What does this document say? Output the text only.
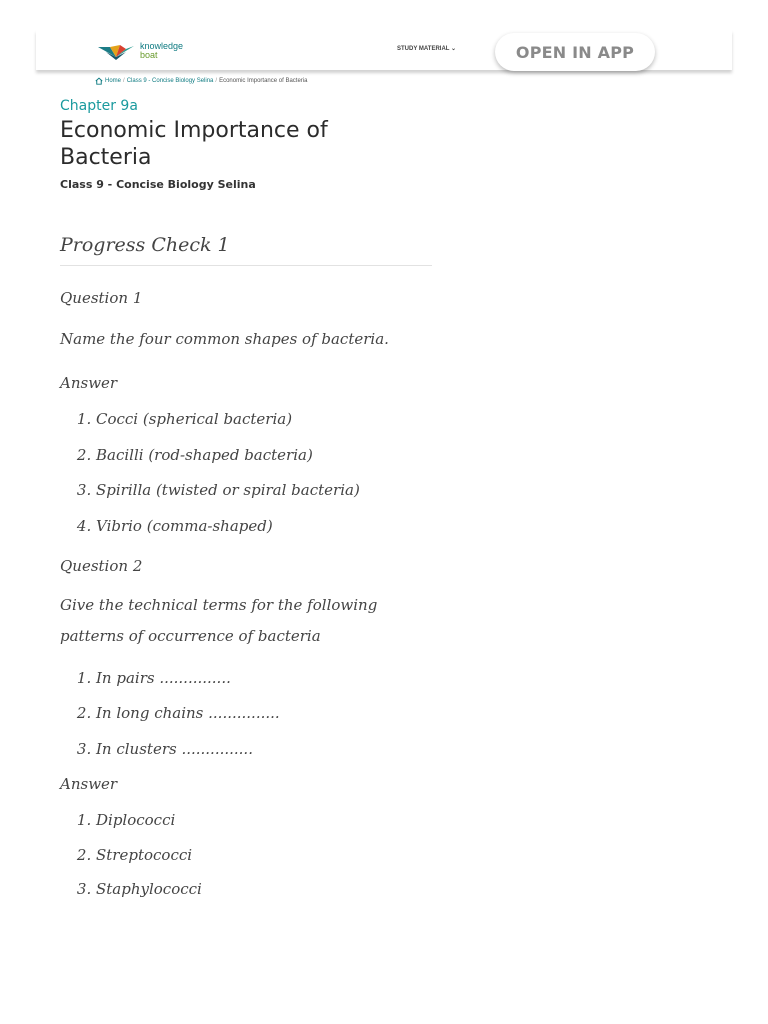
knowledge
boat
STUDY MATERIAL ⌄	OPEN IN APP
Home / Class 9 - Concise Biology Selina / Economic Importance of Bacteria
Chapter 9a
Economic Importance of Bacteria
Class 9 - Concise Biology Selina
Progress Check 1

Question 1

Name the four common shapes of bacteria.

Answer

1. Cocci (spherical bacteria)
2. Bacilli (rod-shaped bacteria)
3. Spirilla (twisted or spiral bacteria)
4. Vibrio (comma-shaped)

Question 2

Give the technical terms for the following patterns of occurrence of bacteria

1. In pairs ...............
2. In long chains ...............
3. In clusters ...............

Answer

1. Diplococci
2. Streptococci
3. Staphylococci
